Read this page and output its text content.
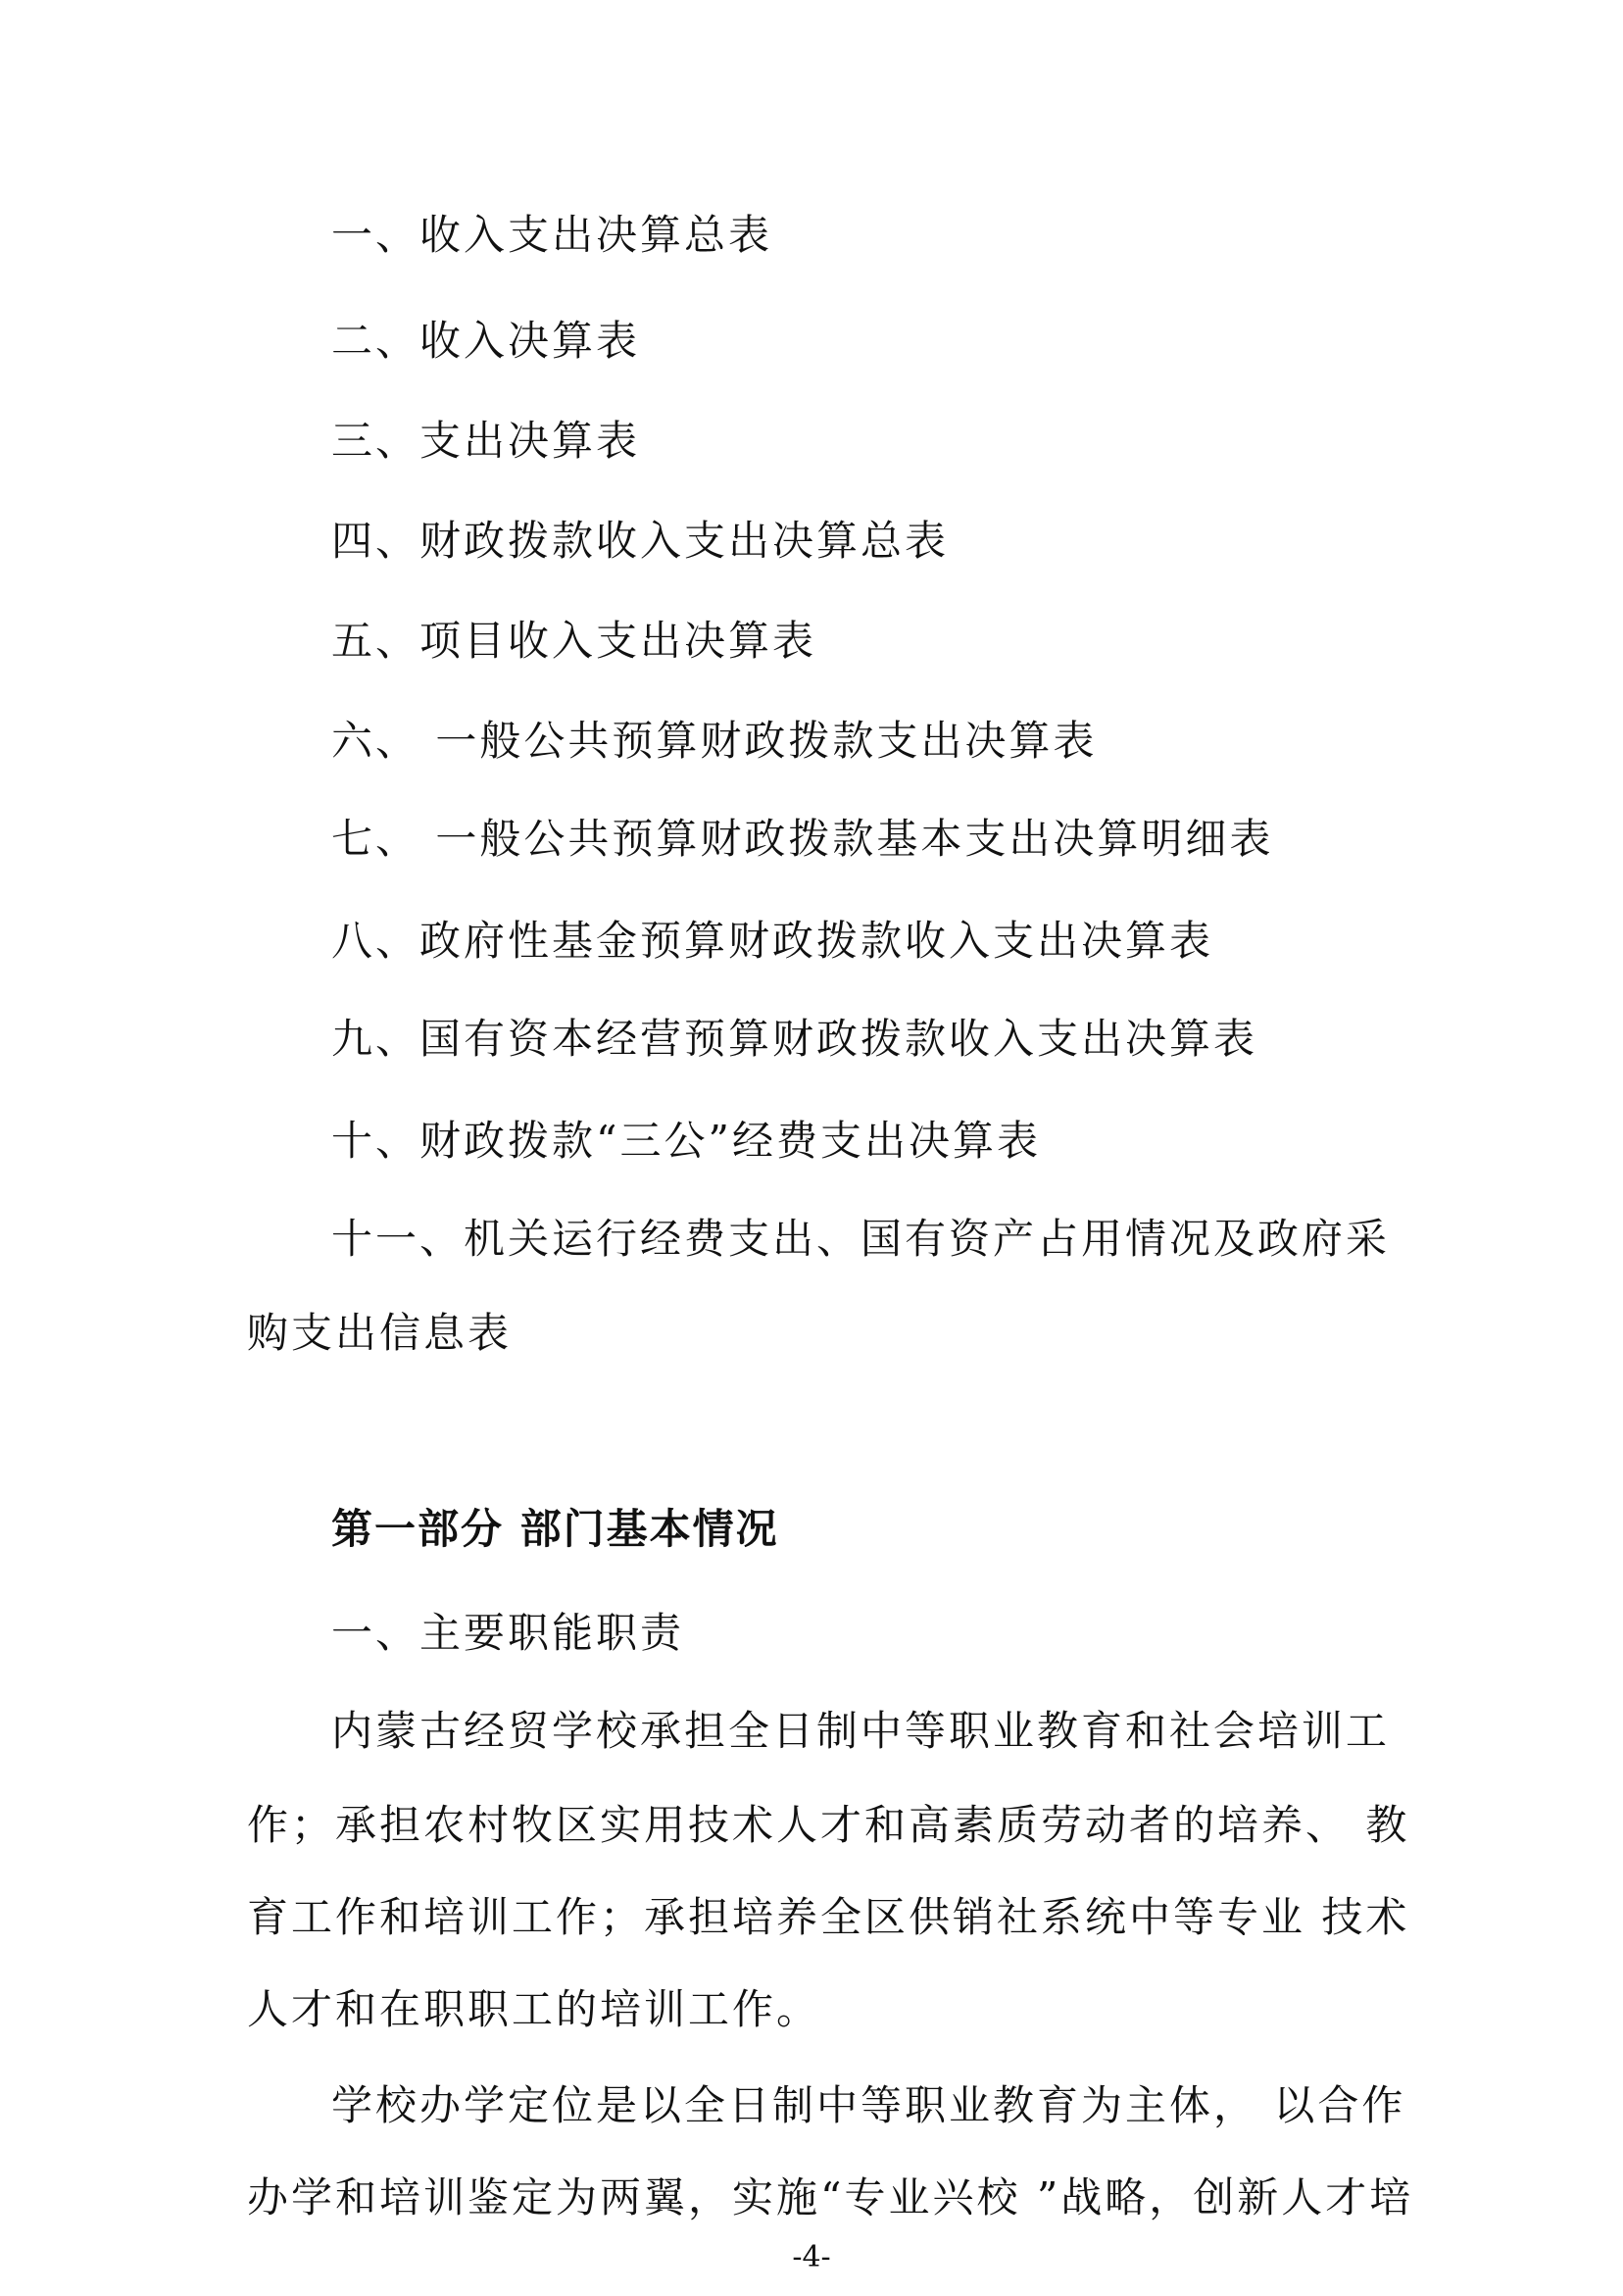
一、收入支出决算总表
二、收入决算表
三、支出决算表
四、财政拨款收入支出决算总表
五、项目收入支出决算表
六、 一般公共预算财政拨款支出决算表
七、 一般公共预算财政拨款基本支出决算明细表
八、政府性基金预算财政拨款收入支出决算表
九、国有资本经营预算财政拨款收入支出决算表
十、财政拨款“三公”经费支出决算表
十一、机关运行经费支出、国有资产占用情况及政府采
购支出信息表
第一部分 部门基本情况
一、主要职能职责
内蒙古经贸学校承担全日制中等职业教育和社会培训工
作；承担农村牧区实用技术人才和高素质劳动者的培养、 教
育工作和培训工作；承担培养全区供销社系统中等专业 技术
人才和在职职工的培训工作。
学校办学定位是以全日制中等职业教育为主体， 以合作
办学和培训鉴定为两翼，实施“专业兴校 ”战略，创新人才培
-4-
